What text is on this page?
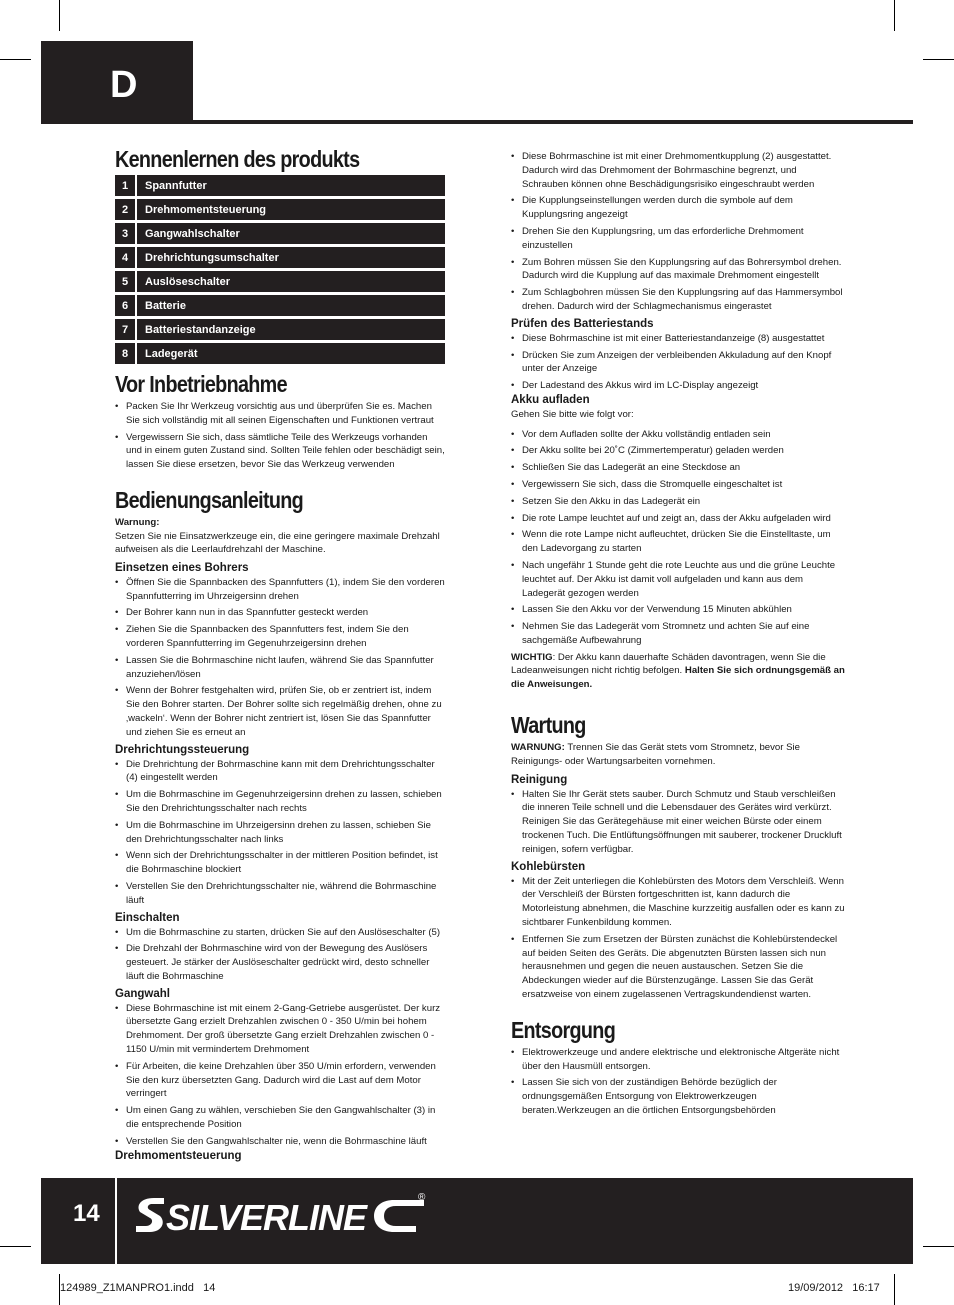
D
Kennenlernen des produkts
1	Spannfutter
2	Drehmomentsteuerung
3	Gangwahlschalter
4	Drehrichtungsumschalter
5	Auslöseschalter
6	Batterie
7	Batteriestandanzeige
8	Ladegerät
Vor Inbetriebnahme
• Packen Sie Ihr Werkzeug vorsichtig aus und überprüfen Sie es. Machen Sie sich vollständig mit all seinen Eigenschaften und Funktionen vertraut
• Vergewissern Sie sich, dass sämtliche Teile des Werkzeugs vorhanden und in einem guten Zustand sind. Sollten Teile fehlen oder beschädigt sein, lassen Sie diese ersetzen, bevor Sie das Werkzeug verwenden
Bedienungsanleitung

Warnung:
Setzen Sie nie Einsatzwerkzeuge ein, die eine geringere maximale Drehzahl aufweisen als die Leerlaufdrehzahl der Maschine.

Einsetzen eines Bohrers
• Öffnen Sie die Spannbacken des Spannfutters (1), indem Sie den vorderen Spannfutterring im Uhrzeigersinn drehen
• Der Bohrer kann nun in das Spannfutter gesteckt werden
• Ziehen Sie die Spannbacken des Spannfutters fest, indem Sie den vorderen Spannfutterring im Gegenuhrzeigersinn drehen
• Lassen Sie die Bohrmaschine nicht laufen, während Sie das Spannfutter anzuziehen/lösen
• Wenn der Bohrer festgehalten wird, prüfen Sie, ob er zentriert ist, indem Sie den Bohrer starten. Der Bohrer sollte sich regelmäßig drehen, ohne zu ‚wackeln‘. Wenn der Bohrer nicht zentriert ist, lösen Sie das Spannfutter und ziehen Sie es erneut an
Drehrichtungssteuerung
• Die Drehrichtung der Bohrmaschine kann mit dem Drehrichtungsschalter (4) eingestellt werden
• Um die Bohrmaschine im Gegenuhrzeigersinn drehen zu lassen, schieben Sie den Drehrichtungsschalter nach rechts
• Um die Bohrmaschine im Uhrzeigersinn drehen zu lassen, schieben Sie den Drehrichtungsschalter nach links
• Wenn sich der Drehrichtungsschalter in der mittleren Position befindet, ist die Bohrmaschine blockiert
• Verstellen Sie den Drehrichtungsschalter nie, während die Bohrmaschine läuft
Einschalten
• Um die Bohrmaschine zu starten, drücken Sie auf den Auslöseschalter (5)
• Die Drehzahl der Bohrmaschine wird von der Bewegung des Auslösers gesteuert. Je stärker der Auslöseschalter gedrückt wird, desto schneller läuft die Bohrmaschine
Gangwahl
• Diese Bohrmaschine ist mit einem 2-Gang-Getriebe ausgerüstet. Der kurz übersetzte Gang erzielt Drehzahlen zwischen 0 - 350 U/min bei hohem Drehmoment. Der groß übersetzte Gang erzielt Drehzahlen zwischen 0 - 1150 U/min mit vermindertem Drehmoment
• Für Arbeiten, die keine Drehzahlen über 350 U/min erfordern, verwenden Sie den kurz übersetzten Gang. Dadurch wird die Last auf dem Motor verringert
• Um einen Gang zu wählen, verschieben Sie den Gangwahlschalter (3) in die entsprechende Position
• Verstellen Sie den Gangwahlschalter nie, wenn die Bohrmaschine läuft
Drehmomentsteuerung
• Diese Bohrmaschine ist mit einer Drehmomentkupplung (2) ausgestattet. Dadurch wird das Drehmoment der Bohrmaschine begrenzt, und Schrauben können ohne Beschädigungsrisiko eingeschraubt werden
• Die Kupplungseinstellungen werden durch die symbole auf dem Kupplungsring angezeigt
• Drehen Sie den Kupplungsring, um das erforderliche Drehmoment einzustellen
• Zum Bohren müssen Sie den Kupplungsring auf das Bohrersymbol drehen. Dadurch wird die Kupplung auf das maximale Drehmoment eingestellt
• Zum Schlagbohren müssen Sie den Kupplungsring auf das Hammersymbol drehen. Dadurch wird der Schlagmechanismus eingerastet
Prüfen des Batteriestands
• Diese Bohrmaschine ist mit einer Batteriestandanzeige (8) ausgestattet
• Drücken Sie zum Anzeigen der verbleibenden Akkuladung auf den Knopf unter der Anzeige
• Der Ladestand des Akkus wird im LC-Display angezeigt
Akku aufladen

Gehen Sie bitte wie folgt vor:

• Vor dem Aufladen sollte der Akku vollständig entladen sein
• Der Akku sollte bei 20˚C (Zimmertemperatur) geladen werden
• Schließen Sie das Ladegerät an eine Steckdose an
• Vergewissern Sie sich, dass die Stromquelle eingeschaltet ist
• Setzen Sie den Akku in das Ladegerät ein
• Die rote Lampe leuchtet auf und zeigt an, dass der Akku aufgeladen wird
• Wenn die rote Lampe nicht aufleuchtet, drücken Sie die Einstelltaste, um den Ladevorgang zu starten
• Nach ungefähr 1 Stunde geht die rote Leuchte aus und die grüne Leuchte leuchtet auf. Der Akku ist damit voll aufgeladen und kann aus dem Ladegerät gezogen werden
• Lassen Sie den Akku vor der Verwendung 15 Minuten abkühlen
• Nehmen Sie das Ladegerät vom Stromnetz und achten Sie auf eine sachgemäße Aufbewahrung

WICHTIG: Der Akku kann dauerhafte Schäden davontragen, wenn Sie die Ladeanweisungen nicht richtig befolgen. Halten Sie sich ordnungsgemäß an die Anweisungen.

Wartung

WARNUNG: Trennen Sie das Gerät stets vom Stromnetz, bevor Sie Reinigungs- oder Wartungsarbeiten vornehmen.

Reinigung
• Halten Sie Ihr Gerät stets sauber. Durch Schmutz und Staub verschleißen die inneren Teile schnell und die Lebensdauer des Gerätes wird verkürzt. Reinigen Sie das Gerätegehäuse mit einer weichen Bürste oder einem trockenen Tuch. Die Entlüftungsöffnungen mit sauberer, trockener Druckluft reinigen, sofern verfügbar.
Kohlebürsten
• Mit der Zeit unterliegen die Kohlebürsten des Motors dem Verschleiß. Wenn der Verschleiß der Bürsten fortgeschritten ist, kann dadurch die Motorleistung abnehmen, die Maschine kurzzeitig ausfallen oder es kann zu sichtbarer Funkenbildung kommen.
• Entfernen Sie zum Ersetzen der Bürsten zunächst die Kohlebürstendeckel auf beiden Seiten des Geräts. Die abgenutzten Bürsten lassen sich nun herausnehmen und gegen die neuen austauschen. Setzen Sie die Abdeckungen wieder auf die Bürstenzugänge. Lassen Sie das Gerät ersatzweise von einem zugelassenen Vertragskundendienst warten.
Entsorgung
• Elektrowerkzeuge und andere elektrische und elektronische Altgeräte nicht über den Hausmüll entsorgen.
• Lassen Sie sich von der zuständigen Behörde bezüglich der ordnungsgemäßen Entsorgung von Elektrowerkzeugen beraten.Werkzeugen an die örtlichen Entsorgungsbehörden
14 SILVERLINE	®
124989_Z1MANPRO1.indd   14	19/09/2012   16:17
